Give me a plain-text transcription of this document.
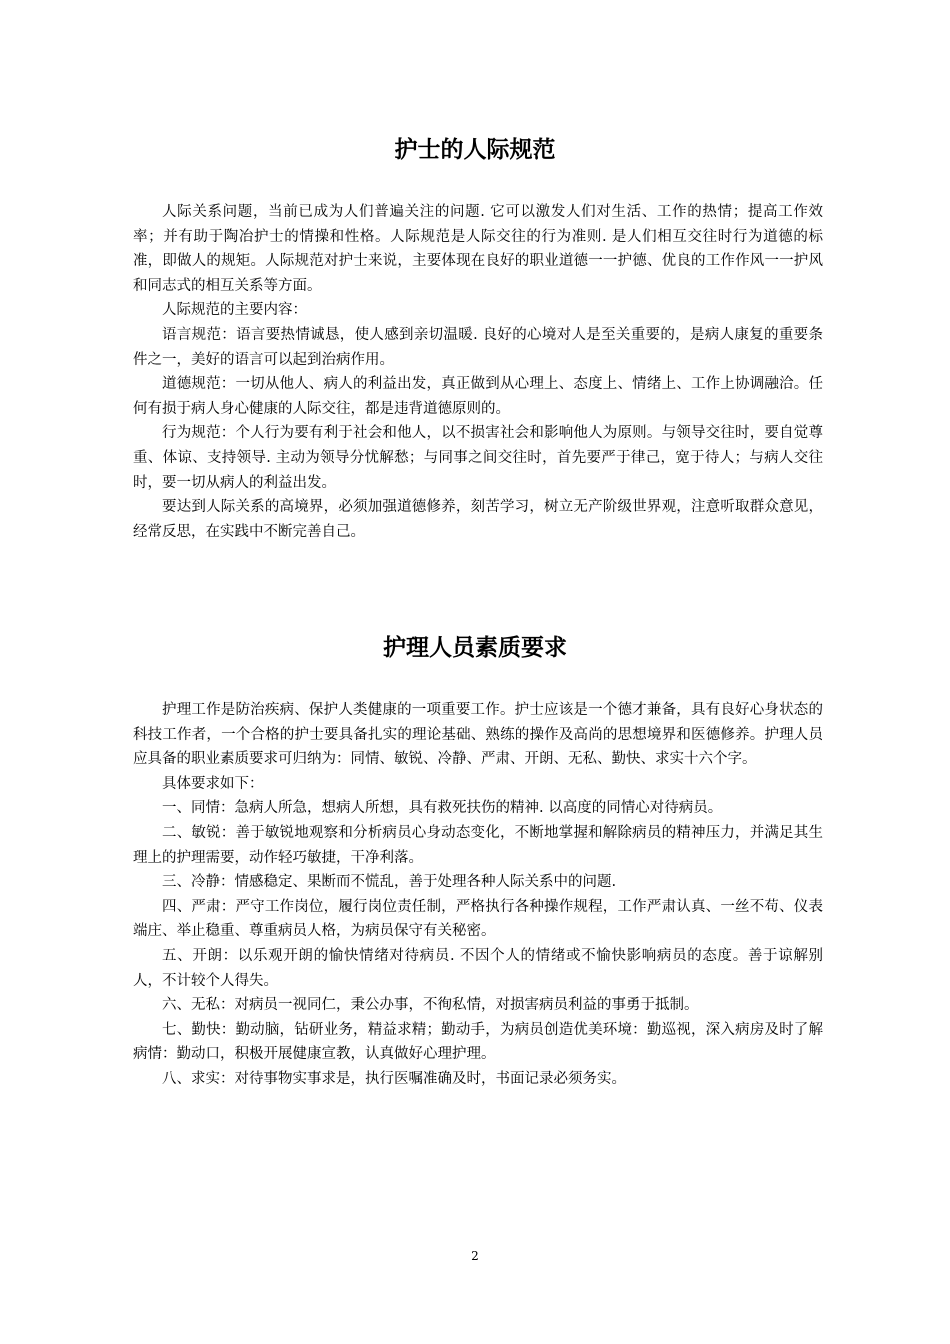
护士的人际规范

人际关系问题，当前已成为人们普遍关注的问题. 它可以激发人们对生活、工作的热情；提高工作效率；并有助于陶冶护士的情操和性格。人际规范是人际交往的行为准则. 是人们相互交往时行为道德的标准，即做人的规矩。人际规范对护士来说，主要体现在良好的职业道德一一护德、优良的工作作风一一护风和同志式的相互关系等方面。

人际规范的主要内容：

语言规范：语言要热情诚恳，使人感到亲切温暖. 良好的心境对人是至关重要的，是病人康复的重要条件之一，美好的语言可以起到治病作用。

道德规范：一切从他人、病人的利益出发，真正做到从心理上、态度上、情绪上、工作上协调融洽。任何有损于病人身心健康的人际交往，都是违背道德原则的。

行为规范：个人行为要有利于社会和他人，以不损害社会和影响他人为原则。与领导交往时，要自觉尊重、体谅、支持领导. 主动为领导分忧解愁；与同事之间交往时，首先要严于律己，宽于待人；与病人交往时，要一切从病人的利益出发。

要达到人际关系的高境界，必须加强道德修养，刻苦学习，树立无产阶级世界观，注意听取群众意见，经常反思，在实践中不断完善自己。

护理人员素质要求

护理工作是防治疾病、保护人类健康的一项重要工作。护士应该是一个德才兼备，具有良好心身状态的科技工作者，一个合格的护士要具备扎实的理论基础、熟练的操作及高尚的思想境界和医德修养。护理人员应具备的职业素质要求可归纳为：同情、敏锐、冷静、严肃、开朗、无私、勤快、求实十六个字。

具体要求如下：

一、同情：急病人所急，想病人所想，具有救死扶伤的精神. 以高度的同情心对待病员。

二、敏锐：善于敏锐地观察和分析病员心身动态变化，不断地掌握和解除病员的精神压力，并满足其生理上的护理需要，动作轻巧敏捷，干净利落。

三、冷静：情感稳定、果断而不慌乱，善于处理各种人际关系中的问题.

四、严肃：严守工作岗位，履行岗位责任制，严格执行各种操作规程，工作严肃认真、一丝不苟、仪表端庄、举止稳重、尊重病员人格，为病员保守有关秘密。

五、开朗：以乐观开朗的愉快情绪对待病员. 不因个人的情绪或不愉快影响病员的态度。善于谅解别人，不计较个人得失。

六、无私：对病员一视同仁，秉公办事，不徇私情，对损害病员利益的事勇于抵制。

七、勤快：勤动脑，钻研业务，精益求精；勤动手，为病员创造优美环境：勤巡视，深入病房及时了解病情：勤动口，积极开展健康宣教，认真做好心理护理。

八、求实：对待事物实事求是，执行医嘱准确及时，书面记录必须务实。

2
